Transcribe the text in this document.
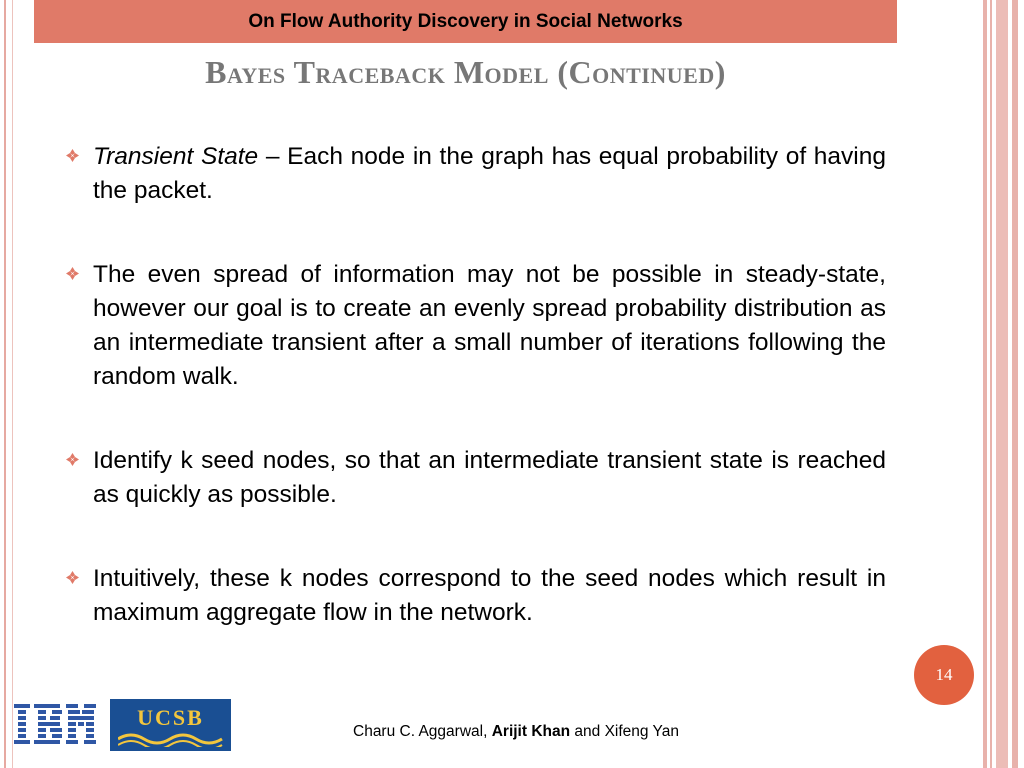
On Flow Authority Discovery in Social Networks
Bayes Traceback Model (Continued)
Transient State – Each node in the graph has equal probability of having the packet.
The even spread of information may not be possible in steady-state, however our goal is to create an evenly spread probability distribution as an intermediate transient after a small number of iterations following the random walk.
Identify k seed nodes, so that an intermediate transient state is reached as quickly as possible.
Intuitively, these k nodes correspond to the seed nodes which result in maximum aggregate flow in the network.
14
UCSB
Charu C. Aggarwal, Arijit Khan and Xifeng Yan
